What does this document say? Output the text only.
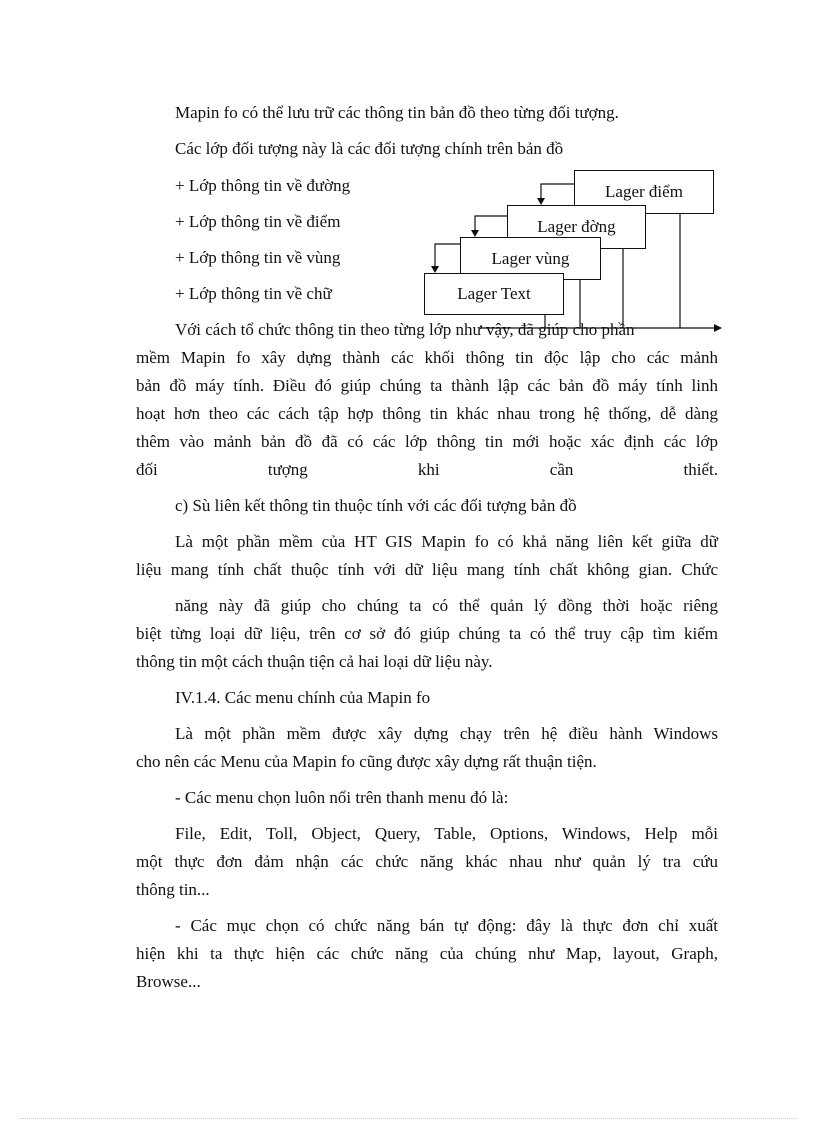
Mapin fo có thể lưu trữ các thông tin bản đồ theo từng đối tượng.
Các lớp đối tượng này là các đối tượng chính trên bản đồ
+ Lớp thông tin về đường
+ Lớp thông tin về điểm
+ Lớp thông tin về vùng
+ Lớp thông tin về chữ
Lager điểm
Lager đờng
Lager vùng
Lager Text
Với cách tổ chức thông tin theo từng lớp như vậy, đã giúp cho phần
mềm Mapin fo xây dựng thành các khối thông tin độc lập cho các mảnh
bản đồ máy tính. Điều đó giúp chúng ta thành lập các bản đồ máy tính linh
hoạt hơn theo các cách tập hợp thông tin khác nhau trong hệ thống, dễ dàng
thêm vào mảnh bản đồ đã có các lớp thông tin mới hoặc xác định các lớp
đối tượng khi cần thiết.
c) Sù liên kết thông tin thuộc tính với các đối tượng bản đồ
Là một phần mềm của HT GIS Mapin fo có khả năng liên kết giữa dữ
liệu mang tính chất thuộc tính với dữ liệu mang tính chất không gian. Chức
năng này đã giúp cho chúng ta có thể quản lý đồng thời hoặc riêng
biệt từng loại dữ liệu, trên cơ sở đó giúp chúng ta có thể truy cập tìm kiếm
thông tin một cách thuận tiện cả hai loại dữ liệu này.
IV.1.4. Các menu chính của Mapin fo
Là một phần mềm được xây dựng chạy trên hệ điều hành Windows
cho nên các Menu của Mapin fo cũng được xây dựng rất thuận tiện.
- Các menu chọn luôn nổi trên thanh menu đó là:
File, Edit, Toll, Object, Query, Table, Options, Windows, Help mỗi
một thực đơn đảm nhận các chức năng khác nhau như quản lý tra cứu
thông tin...
- Các mục chọn có chức năng bán tự động: đây là thực đơn chỉ xuất
hiện khi ta thực hiện các chức năng của chúng như Map, layout, Graph,
Browse...
